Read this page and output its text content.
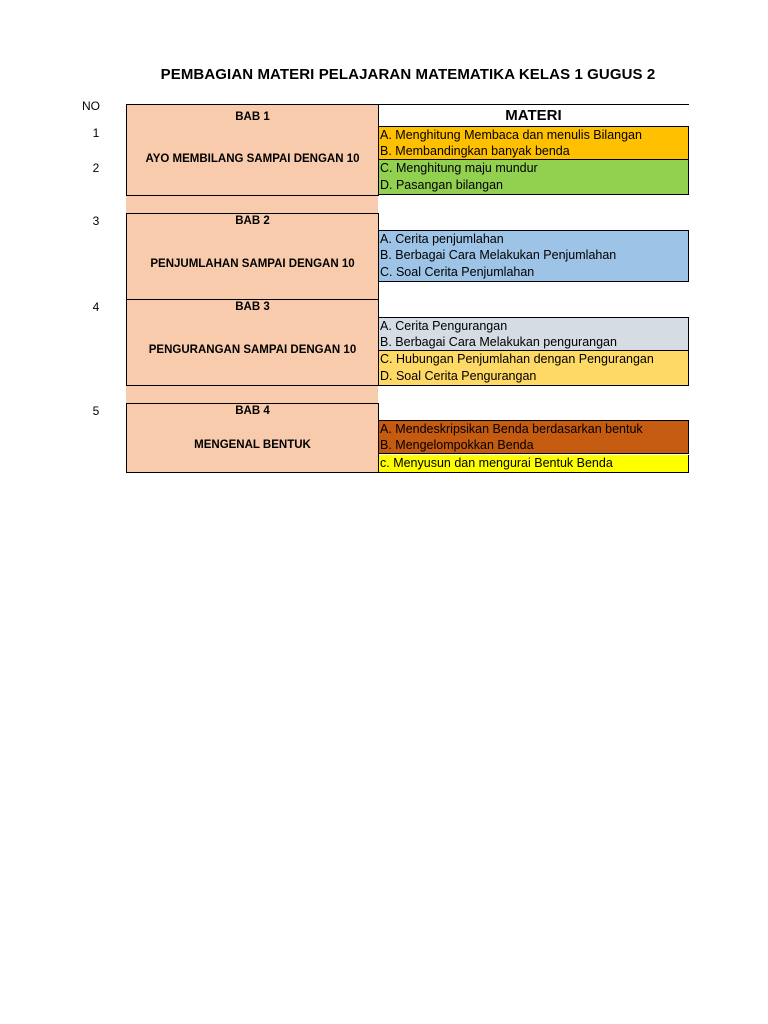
PEMBAGIAN MATERI PELAJARAN MATEMATIKA KELAS 1 GUGUS 2
NO
1
2
3
4
5
BAB 1
AYO MEMBILANG SAMPAI DENGAN 10
BAB 2
PENJUMLAHAN SAMPAI DENGAN 10
BAB 3
PENGURANGAN SAMPAI DENGAN 10
BAB 4
MENGENAL BENTUK
MATERI
A. Menghitung Membaca dan menulis Bilangan
B. Membandingkan banyak benda
C. Menghitung maju mundur
D. Pasangan bilangan
A. Cerita penjumlahan
B. Berbagai Cara Melakukan Penjumlahan
C. Soal Cerita Penjumlahan
A. Cerita Pengurangan
B. Berbagai Cara Melakukan pengurangan
C. Hubungan Penjumlahan dengan Pengurangan
D. Soal Cerita Pengurangan
A. Mendeskripsikan Benda berdasarkan bentuk
B. Mengelompokkan Benda
c. Menyusun dan mengurai Bentuk Benda
